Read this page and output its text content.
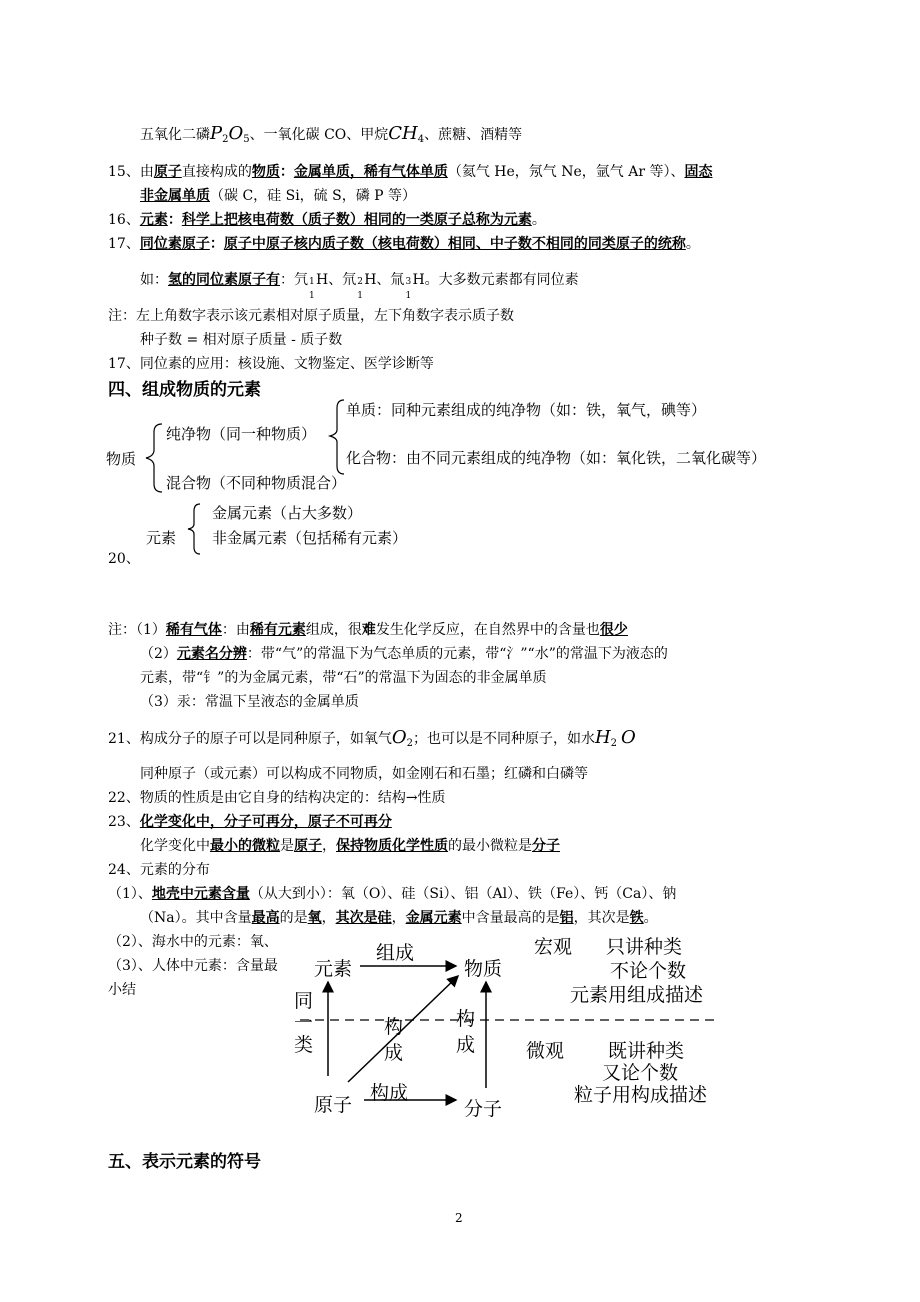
五氧化二磷$P_2O_5$、一氧化碳 CO、甲烷$CH_4$、蔗糖、酒精等
15、由原子直接构成的物质：金属单质，稀有气体单质（氦气 He，氖气 Ne，氩气 Ar 等）、固态
非金属单质（碳 C，硅 Si，硫 S，磷 P 等）
16、元素：科学上把核电荷数（质子数）相同的一类原子总称为元素。
17、同位素原子：原子中原子核内质子数（核电荷数）相同、中子数不相同的同类原子的统称。
如：氢的同位素原子有：氕 1
1
H、氘 2
1
H、氚 3
1
H。大多数元素都有同位素
注：左上角数字表示该元素相对原子质量，左下角数字表示质子数
种子数 = 相对原子质量 - 质子数
17、同位素的应用：核设施、文物鉴定、医学诊断等
四、组成物质的元素
物质
纯净物（同一种物质）
混合物（不同种物质混合）
单质：同种元素组成的纯净物（如：铁，氧气，碘等）
化合物：由不同元素组成的纯净物（如：氧化铁，二氧化碳等）
元素
金属元素（占大多数）
非金属元素（包括稀有元素）
20、
注：（1）稀有气体：由稀有元素组成，很难发生化学反应，在自然界中的含量也很少
（2）元素名分辨：带“气”的常温下为气态单质的元素，带“氵”“水”的常温下为液态的
元素，带“钅”的为金属元素，带“石”的常温下为固态的非金属单质
（3）汞：常温下呈液态的金属单质
21、构成分子的原子可以是同种原子，如氧气$O_2$；也可以是不同种原子，如水$H_2$ O
同种原子（或元素）可以构成不同物质，如金刚石和石墨；红磷和白磷等
22、物质的性质是由它自身的结构决定的：结构→性质
23、化学变化中，分子可再分，原子不可再分
化学变化中最小的微粒是原子，保持物质化学性质的最小微粒是分子
24、元素的分布
（1）、地壳中元素含量（从大到小）：氧（O）、硅（Si）、铝（Al）、铁（Fe）、钙（Ca）、钠
（Na）。其中含量最高的是氧，其次是硅，金属元素中含量最高的是铝，其次是铁。
（2）、海水中的元素：氧、
（3）、人体中元素：含量最
小结
元素
组成
物质
同
一
类
构
成
构
成
原子
构成
分子
宏观 只讲种类
不论个数
元素用组成描述
微观 既讲种类
又论个数
粒子用构成描述
五、表示元素的符号
2
